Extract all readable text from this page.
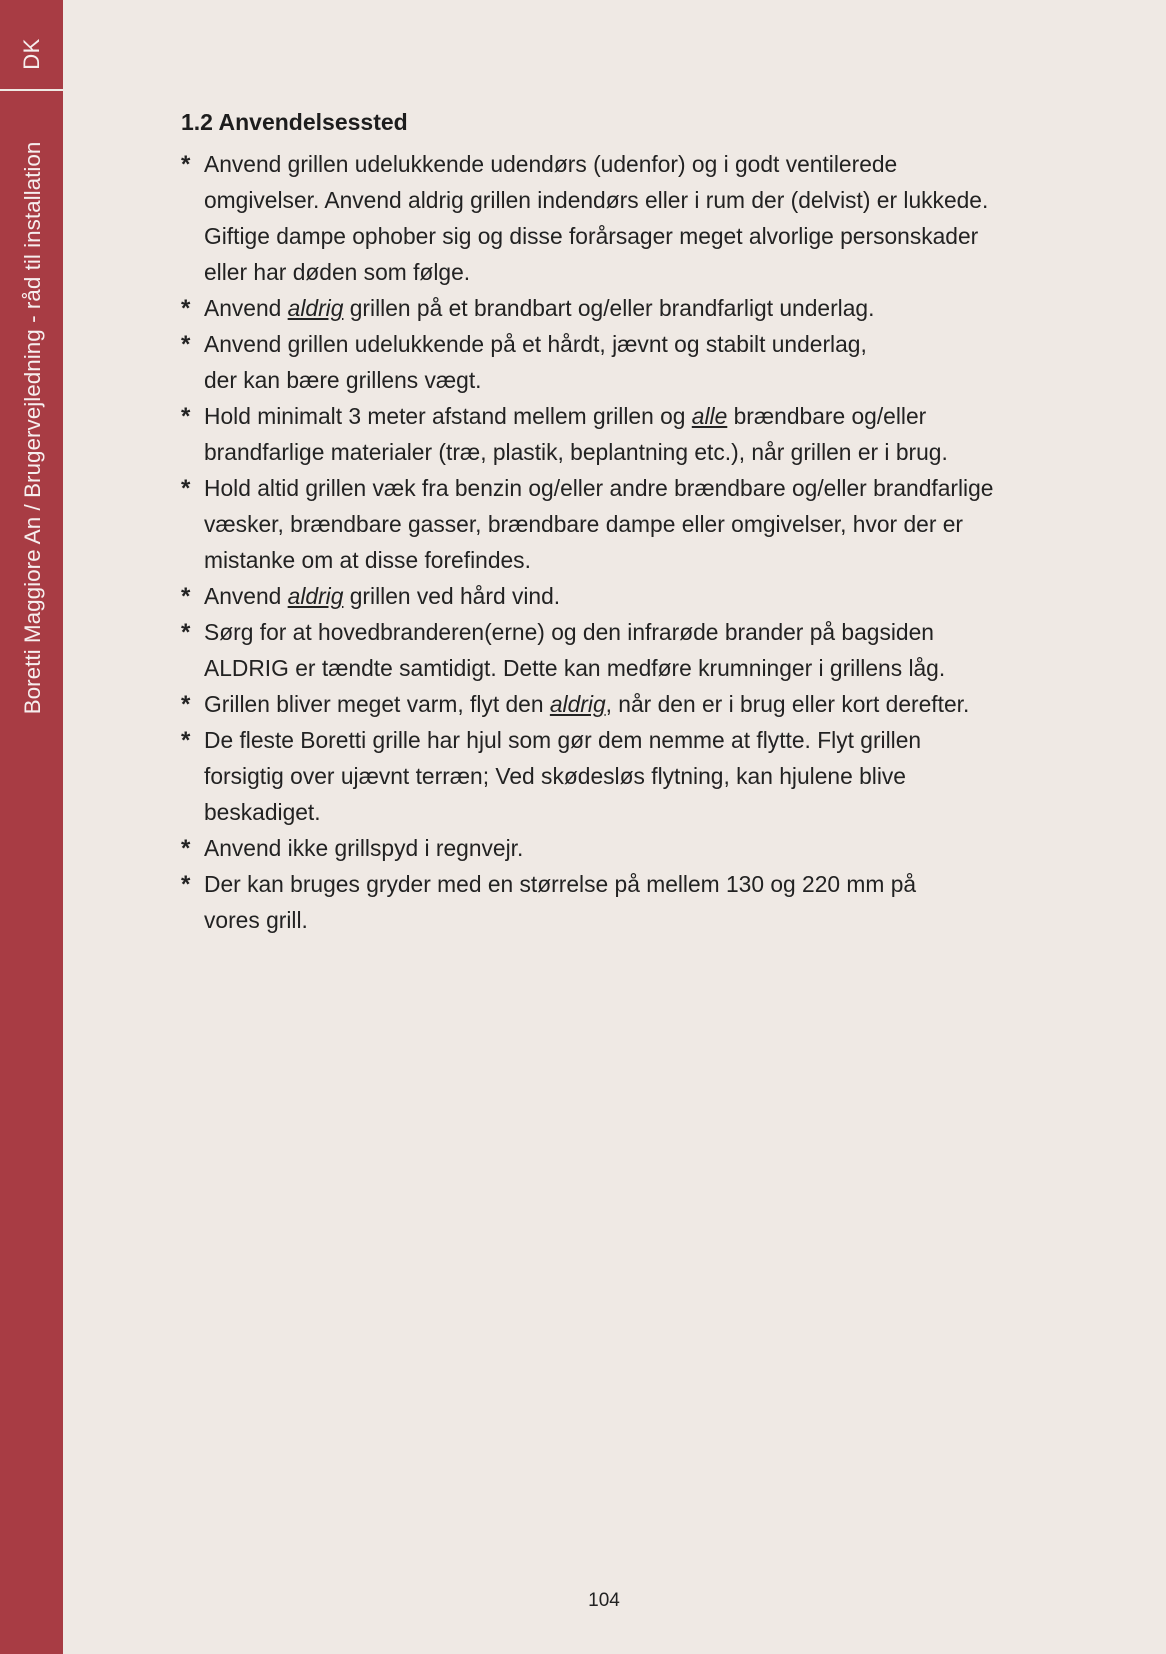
DK
Boretti Maggiore An / Brugervejledning - råd til installation
1.2 Anvendelsessted
* Anvend grillen udelukkende udendørs (udenfor) og i godt ventilerede
omgivelser. Anvend aldrig grillen indendørs eller i rum der (delvist) er lukkede.
Giftige dampe ophober sig og disse forårsager meget alvorlige personskader
eller har døden som følge.
* Anvend aldrig grillen på et brandbart og/eller brandfarligt underlag.
* Anvend grillen udelukkende på et hårdt, jævnt og stabilt underlag,
der kan bære grillens vægt.
* Hold minimalt 3 meter afstand mellem grillen og alle brændbare og/eller
brandfarlige materialer (træ, plastik, beplantning etc.), når grillen er i brug.
* Hold altid grillen væk fra benzin og/eller andre brændbare og/eller brandfarlige
væsker, brændbare gasser, brændbare dampe eller omgivelser, hvor der er
mistanke om at disse forefindes.
* Anvend aldrig grillen ved hård vind.
* Sørg for at hovedbranderen(erne) og den infrarøde brander på bagsiden
ALDRIG er tændte samtidigt. Dette kan medføre krumninger i grillens låg.
* Grillen bliver meget varm, flyt den aldrig, når den er i brug eller kort derefter.
* De fleste Boretti grille har hjul som gør dem nemme at flytte. Flyt grillen
forsigtig over ujævnt terræn; Ved skødesløs flytning, kan hjulene blive
beskadiget.
* Anvend ikke grillspyd i regnvejr.
* Der kan bruges gryder med en størrelse på mellem 130 og 220 mm på
vores grill.
104
